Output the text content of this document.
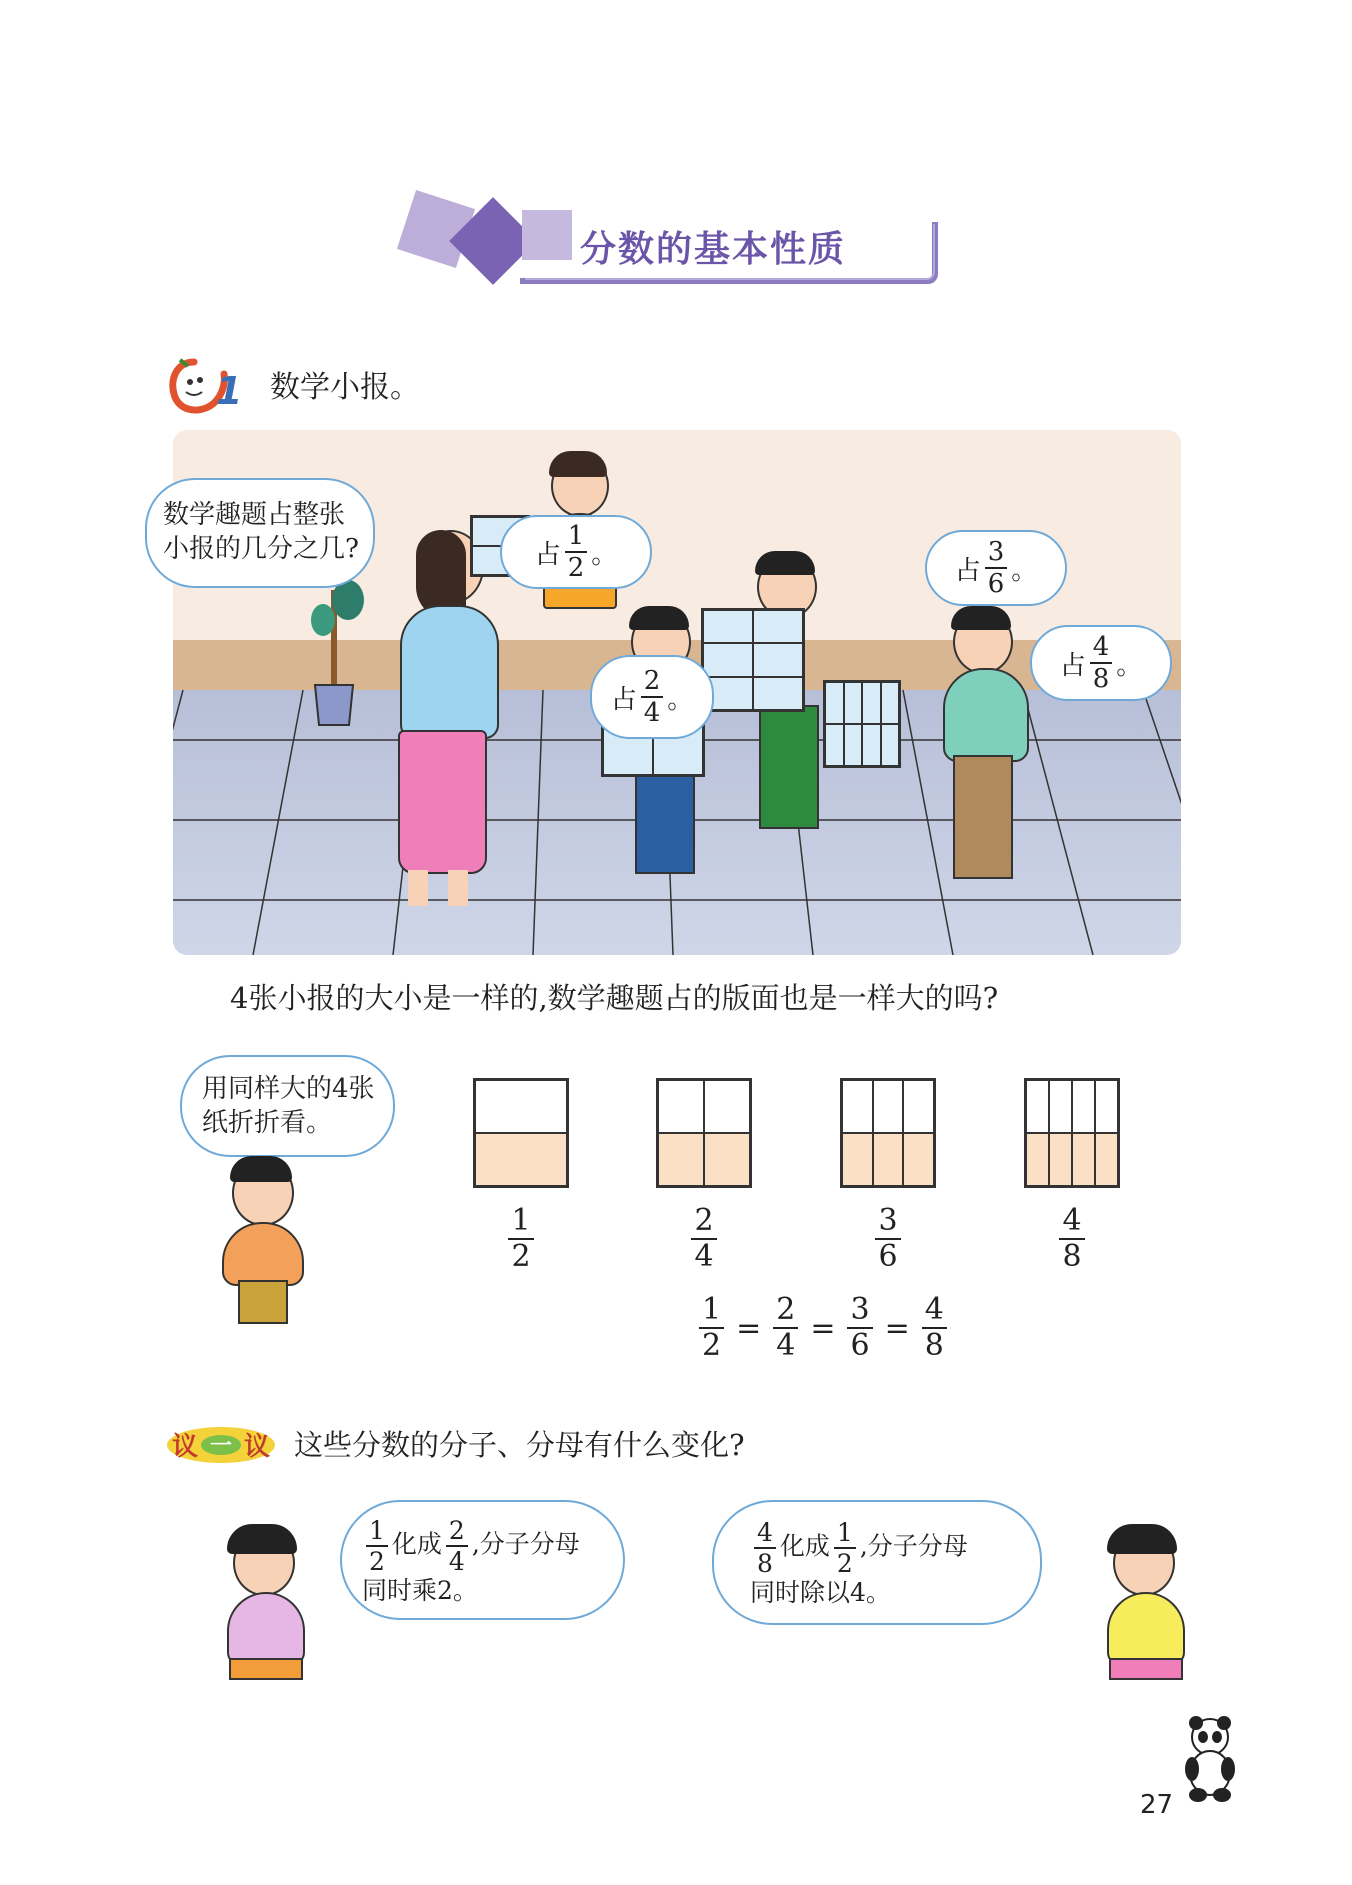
分数的基本性质
1 数学小报。
数学趣题占整张小报的几分之几?	占 $\frac{1}{2}$ 。
占 $\frac{2}{4}$ 。
占 $\frac{3}{6}$ 。
占 $\frac{4}{8}$ 。
4张小报的大小是一样的,数学趣题占的版面也是一样大的吗?
用同样大的4张纸折折看。
$\frac{1}{2}$	$\frac{2}{4}$	$\frac{3}{6}$	$\frac{4}{8}$
$\frac{1}{2} = \frac{2}{4} = \frac{3}{6} = \frac{4}{8}$
议 一 议 这些分数的分子、分母有什么变化?
$\frac{1}{2}$ 化成 $\frac{2}{4}$ ,分子分母
同时乘2。
$\frac{4}{8}$ 化成 $\frac{1}{2}$ ,分子分母
同时除以4。
27
